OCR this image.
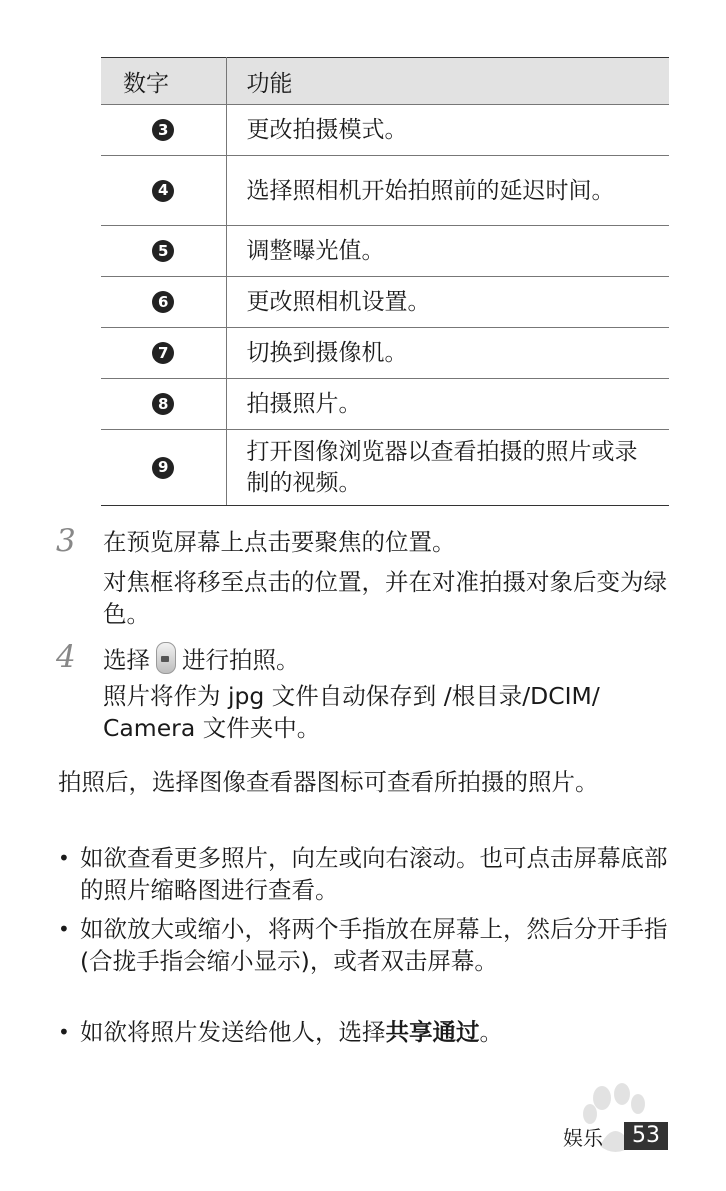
数字	功能
3	更改拍摄模式。
4	选择照相机开始拍照前的延迟时间。
5	调整曝光值。
6	更改照相机设置。
7	切换到摄像机。
8	拍摄照片。
9	打开图像浏览器以查看拍摄的照片或录制的视频。
3 在预览屏幕上点击要聚焦的位置。
对焦框将移至点击的位置，并在对准拍摄对象后变为绿色。
4 选择 进行拍照。
照片将作为 jpg 文件自动保存到 /根目录/DCIM/ Camera 文件夹中。
拍照后，选择图像查看器图标可查看所拍摄的照片。
• 如欲查看更多照片，向左或向右滚动。也可点击屏幕底部的照片缩略图进行查看。
• 如欲放大或缩小，将两个手指放在屏幕上，然后分开手指 (合拢手指会缩小显示)，或者双击屏幕。
• 如欲将照片发送给他人，选择共享通过。
娱乐	53
